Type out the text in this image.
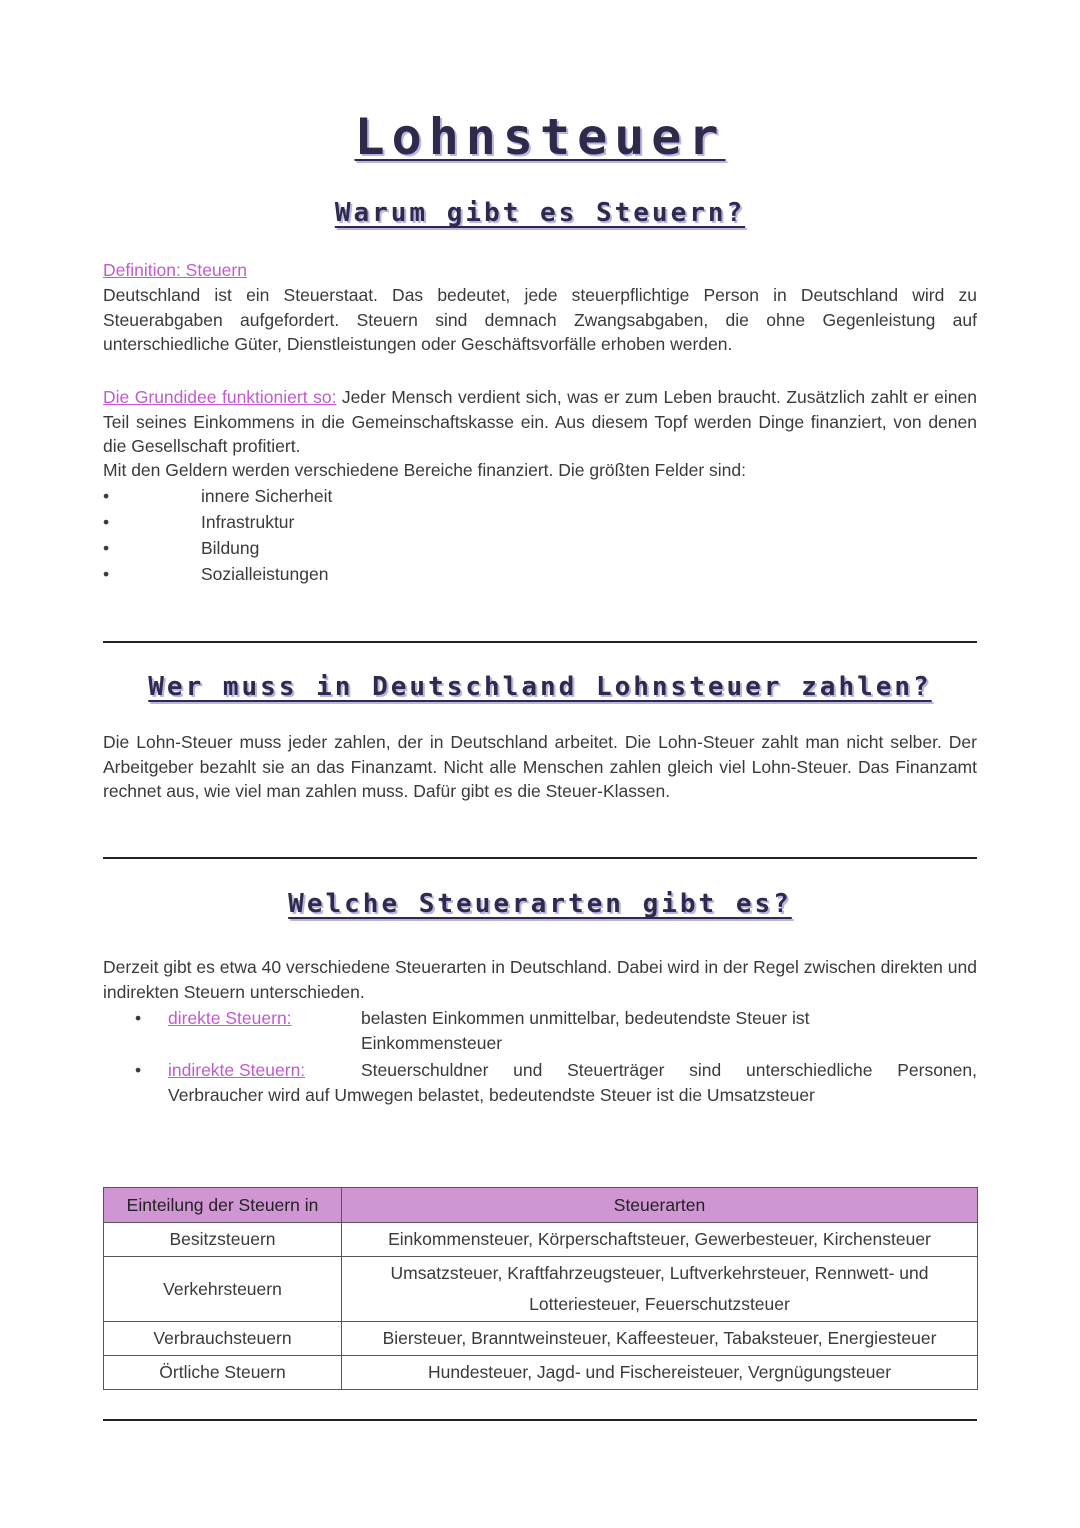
Lohnsteuer
Warum gibt es Steuern?

Definition: Steuern

Deutschland ist ein Steuerstaat. Das bedeutet, jede steuerpflichtige Person in Deutschland wird zu Steuerabgaben aufgefordert. Steuern sind demnach Zwangsabgaben, die ohne Gegenleistung auf unterschiedliche Güter, Dienstleistungen oder Geschäftsvorfälle erhoben werden.

Die Grundidee funktioniert so: Jeder Mensch verdient sich, was er zum Leben braucht. Zusätzlich zahlt er einen Teil seines Einkommens in die Gemeinschaftskasse ein. Aus diesem Topf werden Dinge finanziert, von denen die Gesellschaft profitiert.

Mit den Geldern werden verschiedene Bereiche finanziert. Die größten Felder sind:

•	innere Sicherheit
•	Infrastruktur
•	Bildung
•	Sozialleistungen
Wer muss in Deutschland Lohnsteuer zahlen?

Die Lohn-Steuer muss jeder zahlen, der in Deutschland arbeitet. Die Lohn-Steuer zahlt man nicht selber. Der Arbeitgeber bezahlt sie an das Finanzamt. Nicht alle Menschen zahlen gleich viel Lohn-Steuer. Das Finanzamt rechnet aus, wie viel man zahlen muss. Dafür gibt es die Steuer-Klassen.

Welche Steuerarten gibt es?

Derzeit gibt es etwa 40 verschiedene Steuerarten in Deutschland. Dabei wird in der Regel zwischen direkten und indirekten Steuern unterschieden.

• direkte Steuern:	belasten Einkommen unmittelbar, bedeutendste Steuer ist
Einkommensteuer
• indirekte Steuern:	Steuerschuldner und Steuerträger sind unterschiedliche Personen,
Verbraucher wird auf Umwegen belastet, bedeutendste Steuer ist die Umsatzsteuer
Einteilung der Steuern in	Steuerarten
Besitzsteuern	Einkommensteuer, Körperschaftsteuer, Gewerbesteuer, Kirchensteuer
Verkehrsteuern	Umsatzsteuer, Kraftfahrzeugsteuer, Luftverkehrsteuer, Rennwett- und Lotteriesteuer, Feuerschutzsteuer
Verbrauchsteuern	Biersteuer, Branntweinsteuer, Kaffeesteuer, Tabaksteuer, Energiesteuer
Örtliche Steuern	Hundesteuer, Jagd- und Fischereisteuer, Vergnügungsteuer
